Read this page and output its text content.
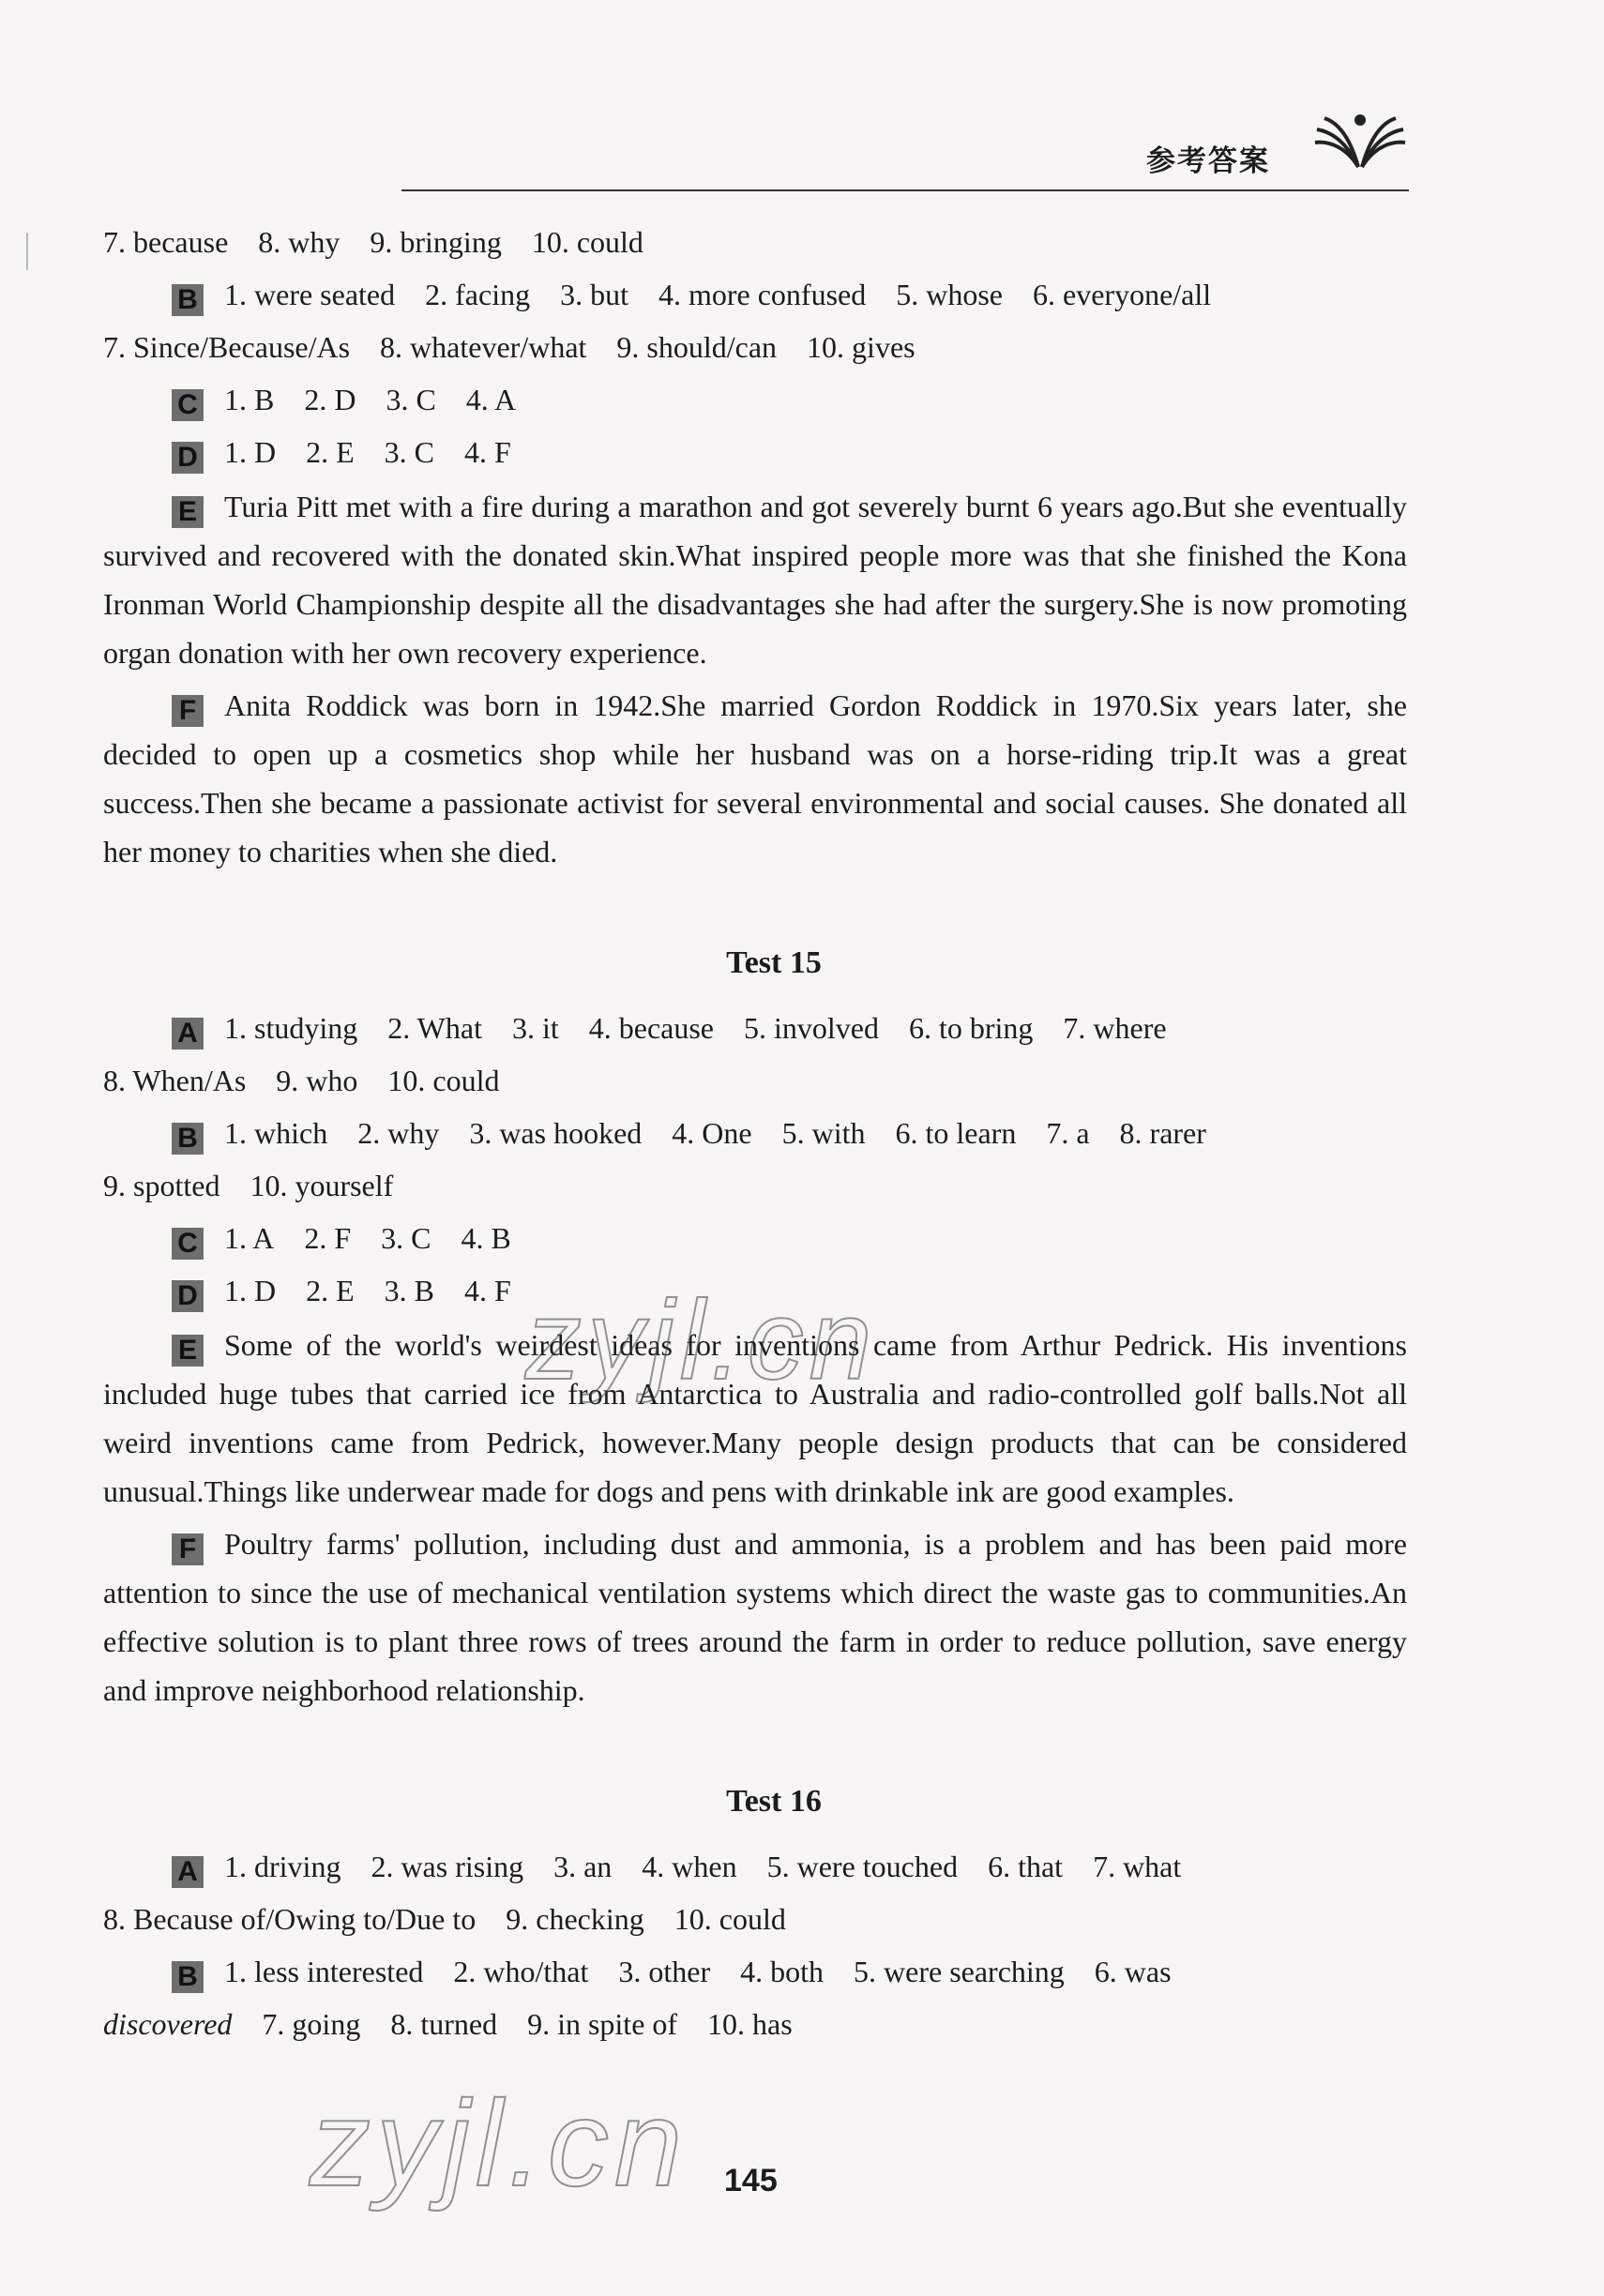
参考答案
7. because 8. why 9. bringing 10. could
B 1. were seated 2. facing 3. but 4. more confused 5. whose 6. everyone/all
7. Since/Because/As 8. whatever/what 9. should/can 10. gives
C 1. B 2. D 3. C 4. A
D 1. D 2. E 3. C 4. F
E Turia Pitt met with a fire during a marathon and got severely burnt 6 years ago.But she eventually survived and recovered with the donated skin.What inspired people more was that she finished the Kona Ironman World Championship despite all the disadvantages she had after the surgery.She is now promoting organ donation with her own recovery experience.
F Anita Roddick was born in 1942.She married Gordon Roddick in 1970.Six years later, she decided to open up a cosmetics shop while her husband was on a horse-riding trip.It was a great success.Then she became a passionate activist for several environmental and social causes. She donated all her money to charities when she died.
Test 15
A 1. studying 2. What 3. it 4. because 5. involved 6. to bring 7. where
8. When/As 9. who 10. could
B 1. which 2. why 3. was hooked 4. One 5. with 6. to learn 7. a 8. rarer
9. spotted 10. yourself
C 1. A 2. F 3. C 4. B
D 1. D 2. E 3. B 4. F
E Some of the world's weirdest ideas for inventions came from Arthur Pedrick. His inventions included huge tubes that carried ice from Antarctica to Australia and radio-controlled golf balls.Not all weird inventions came from Pedrick, however.Many people design products that can be considered unusual.Things like underwear made for dogs and pens with drinkable ink are good examples.
F Poultry farms' pollution, including dust and ammonia, is a problem and has been paid more attention to since the use of mechanical ventilation systems which direct the waste gas to communities.An effective solution is to plant three rows of trees around the farm in order to reduce pollution, save energy and improve neighborhood relationship.
Test 16
A 1. driving 2. was rising 3. an 4. when 5. were touched 6. that 7. what
8. Because of/Owing to/Due to 9. checking 10. could
B 1. less interested 2. who/that 3. other 4. both 5. were searching 6. was
discovered 7. going 8. turned 9. in spite of 10. has
zyjl.cn
zyjl.cn 145
